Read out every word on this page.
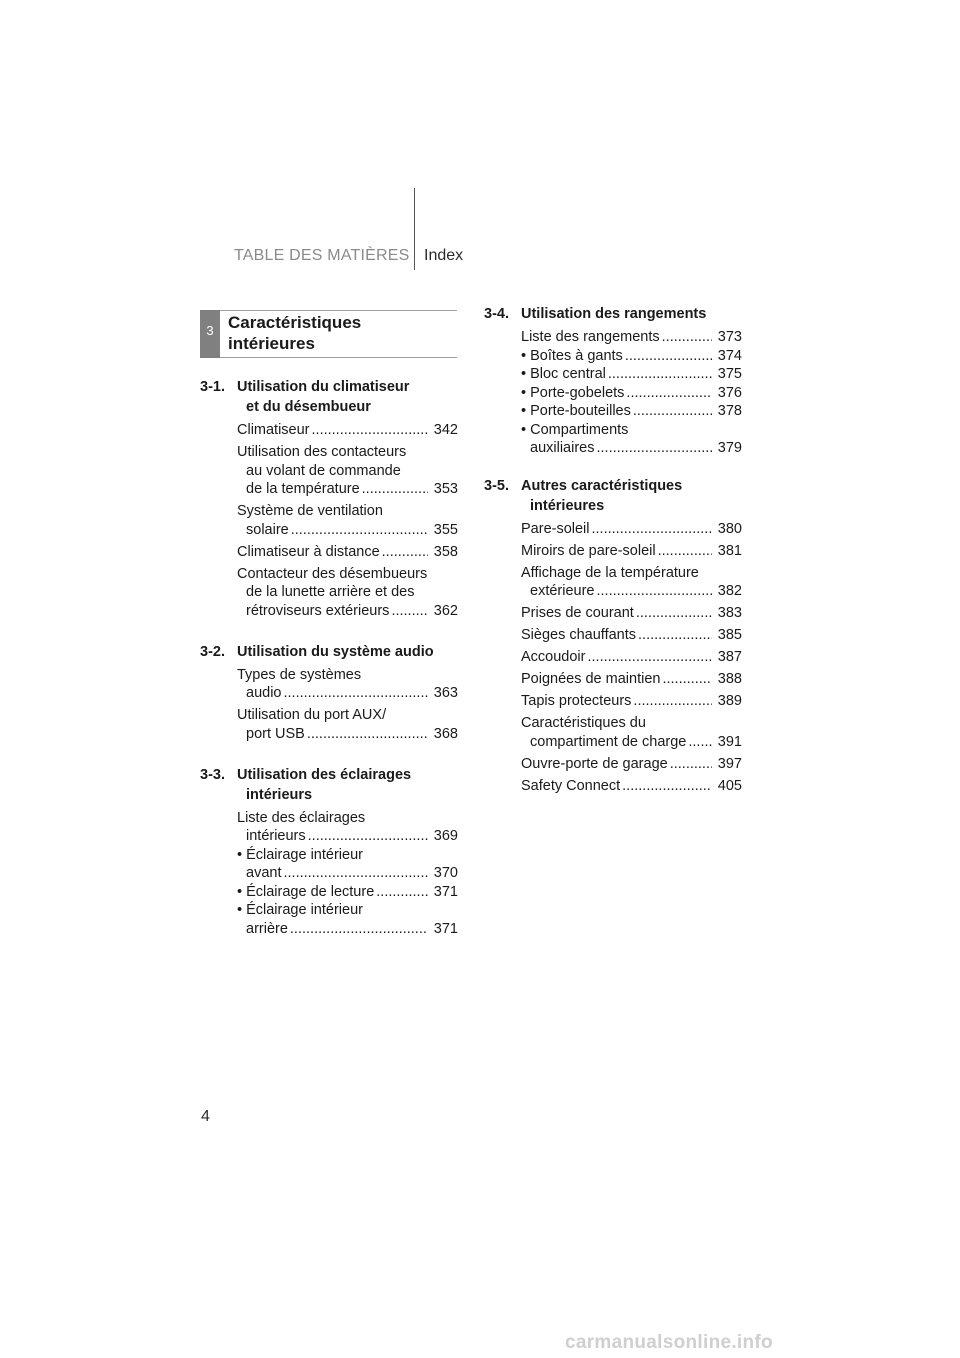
TABLE DES MATIÈRES Index
3 Caractéristiques
intérieures
3-1. Utilisation du climatiseur
et du désembueur
Climatiseur .....	342
Utilisation des contacteurs
au volant de commande
de la température .....	353
Système de ventilation
solaire .....	355
Climatiseur à distance .....	358
Contacteur des désembueurs
de la lunette arrière et des
rétroviseurs extérieurs .....	362
3-2. Utilisation du système audio
Types de systèmes
audio .....	363
Utilisation du port AUX/
port USB .....	368
3-3. Utilisation des éclairages
intérieurs
Liste des éclairages
intérieurs .....	369
• Éclairage intérieur
avant .....	370
• Éclairage de lecture .....	371
• Éclairage intérieur
arrière .....	371
3-4. Utilisation des rangements
Liste des rangements .....	373
• Boîtes à gants .....	374
• Bloc central .....	375
• Porte-gobelets .....	376
• Porte-bouteilles .....	378
• Compartiments
auxiliaires .....	379
3-5. Autres caractéristiques
intérieures
Pare-soleil .....	380
Miroirs de pare-soleil .....	381
Affichage de la température
extérieure .....	382
Prises de courant .....	383
Sièges chauffants .....	385
Accoudoir .....	387
Poignées de maintien .....	388
Tapis protecteurs .....	389
Caractéristiques du
compartiment de charge ..... 391
Ouvre-porte de garage .....	397
Safety Connect .....	405
4
carmanualsonline.info
